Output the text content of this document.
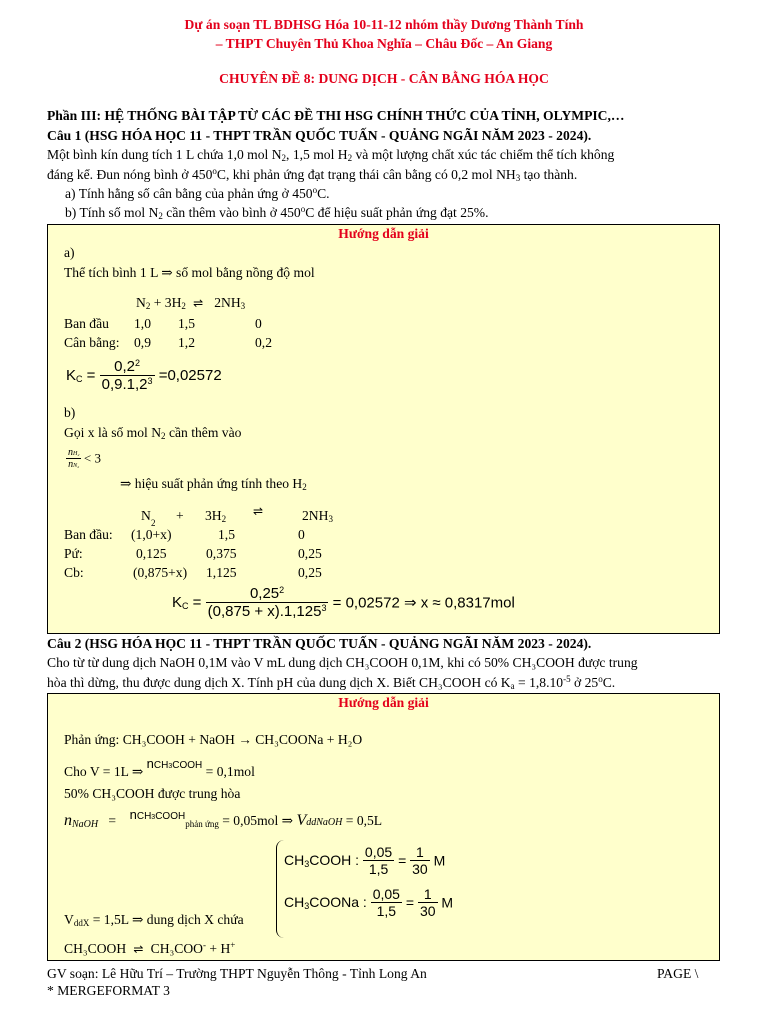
Dự án soạn TL BDHSG Hóa 10-11-12 nhóm thầy Dương Thành Tính
– THPT Chuyên Thủ Khoa Nghĩa – Châu Đốc – An Giang
CHUYÊN ĐỀ 8: DUNG DỊCH - CÂN BẰNG HÓA HỌC
Phần III: HỆ THỐNG BÀI TẬP TỪ CÁC ĐỀ THI HSG CHÍNH THỨC CỦA TỈNH, OLYMPIC,…
Câu 1 (HSG HÓA HỌC 11 - THPT TRẦN QUỐC TUẤN - QUẢNG NGÃI NĂM 2023 - 2024).
Một bình kín dung tích 1 L chứa 1,0 mol $N_2$, 1,5 mol $H_2$ và một lượng chất xúc tác chiếm thể tích không
đáng kể. Đun nóng bình ở 450$^o$C, khi phản ứng đạt trạng thái cân bằng có 0,2 mol $NH_3$ tạo thành.
a) Tính hằng số cân bằng của phản ứng ở 450$^o$C.
b) Tính số mol $N_2$ cần thêm vào bình ở 450$^o$C để hiệu suất phản ứng đạt 25%.
Hướng dẫn giải
a)
Thể tích bình 1 L ⇒ số mol bằng nồng độ mol
$N_2 + 3H_2$  ⇌   $2NH_3$
Ban đầu 1,0 1,5	0
Cân bằng: 0,9 1,2	0,2
$K_C = \frac{0,2^2}{0,9.1,2^3} =0,02572$
b)
Gọi x là số mol $N_2$ cần thêm vào
$\frac{\text{nH₂}}{\text{nN₂}} < 3$
⇒ hiệu suất phản ứng tính theo $H_2$
N $_2 + 3H_2$
⇌	$2NH_3$
Ban đầu: (1,0+x)	1,5	0
Pứ:	0,125	0,375	0,25
Cb:	(0,875+x) 1,125	0,25
$K_C = \frac{0,25^2}{(0,875 + x).1,125^3} = 0,02572$ ⇒ x ≈ 0,8317mol
Câu 2 (HSG HÓA HỌC 11 - THPT TRẦN QUỐC TUẤN - QUẢNG NGÃI NĂM 2023 - 2024).
Cho từ từ dung dịch NaOH 0,1M vào V mL dung dịch CH₃COOH 0,1M, khi có 50% CH₃COOH được trung
hòa thì dừng, thu được dung dịch X. Tính pH của dung dịch X. Biết CH₃COOH có $K_a = 1,8.10^{-5}$ ở 25$^o$C.
Hướng dẫn giải
Phản ứng: CH₃COOH + NaOH → CH₃COONa + H₂O
Cho V = 1L ⇒ nCH3COOH = 0,1mol
50% CH₃COOH được trung hòa
$n_{NaOH}$   =    nCH3COOHphản ứng = 0,05mol ⇒ VddNaOH = 0,5L
$CH_3COOH$ : $\frac{0,05}{1,5} = \frac{1}{30}$ M
$CH_3COONa$ : $\frac{0,05}{1,5} = \frac{1}{30}$ M
$V_{ddX} = 1,5L$ ⇒ dung dịch X chứa
CH₃COOH  ⇌  CH₃COO- + H+
GV soạn: Lê Hữu Trí – Trường THPT Nguyễn Thông - Tỉnh Long An	PAGE \
* MERGEFORMAT 3
